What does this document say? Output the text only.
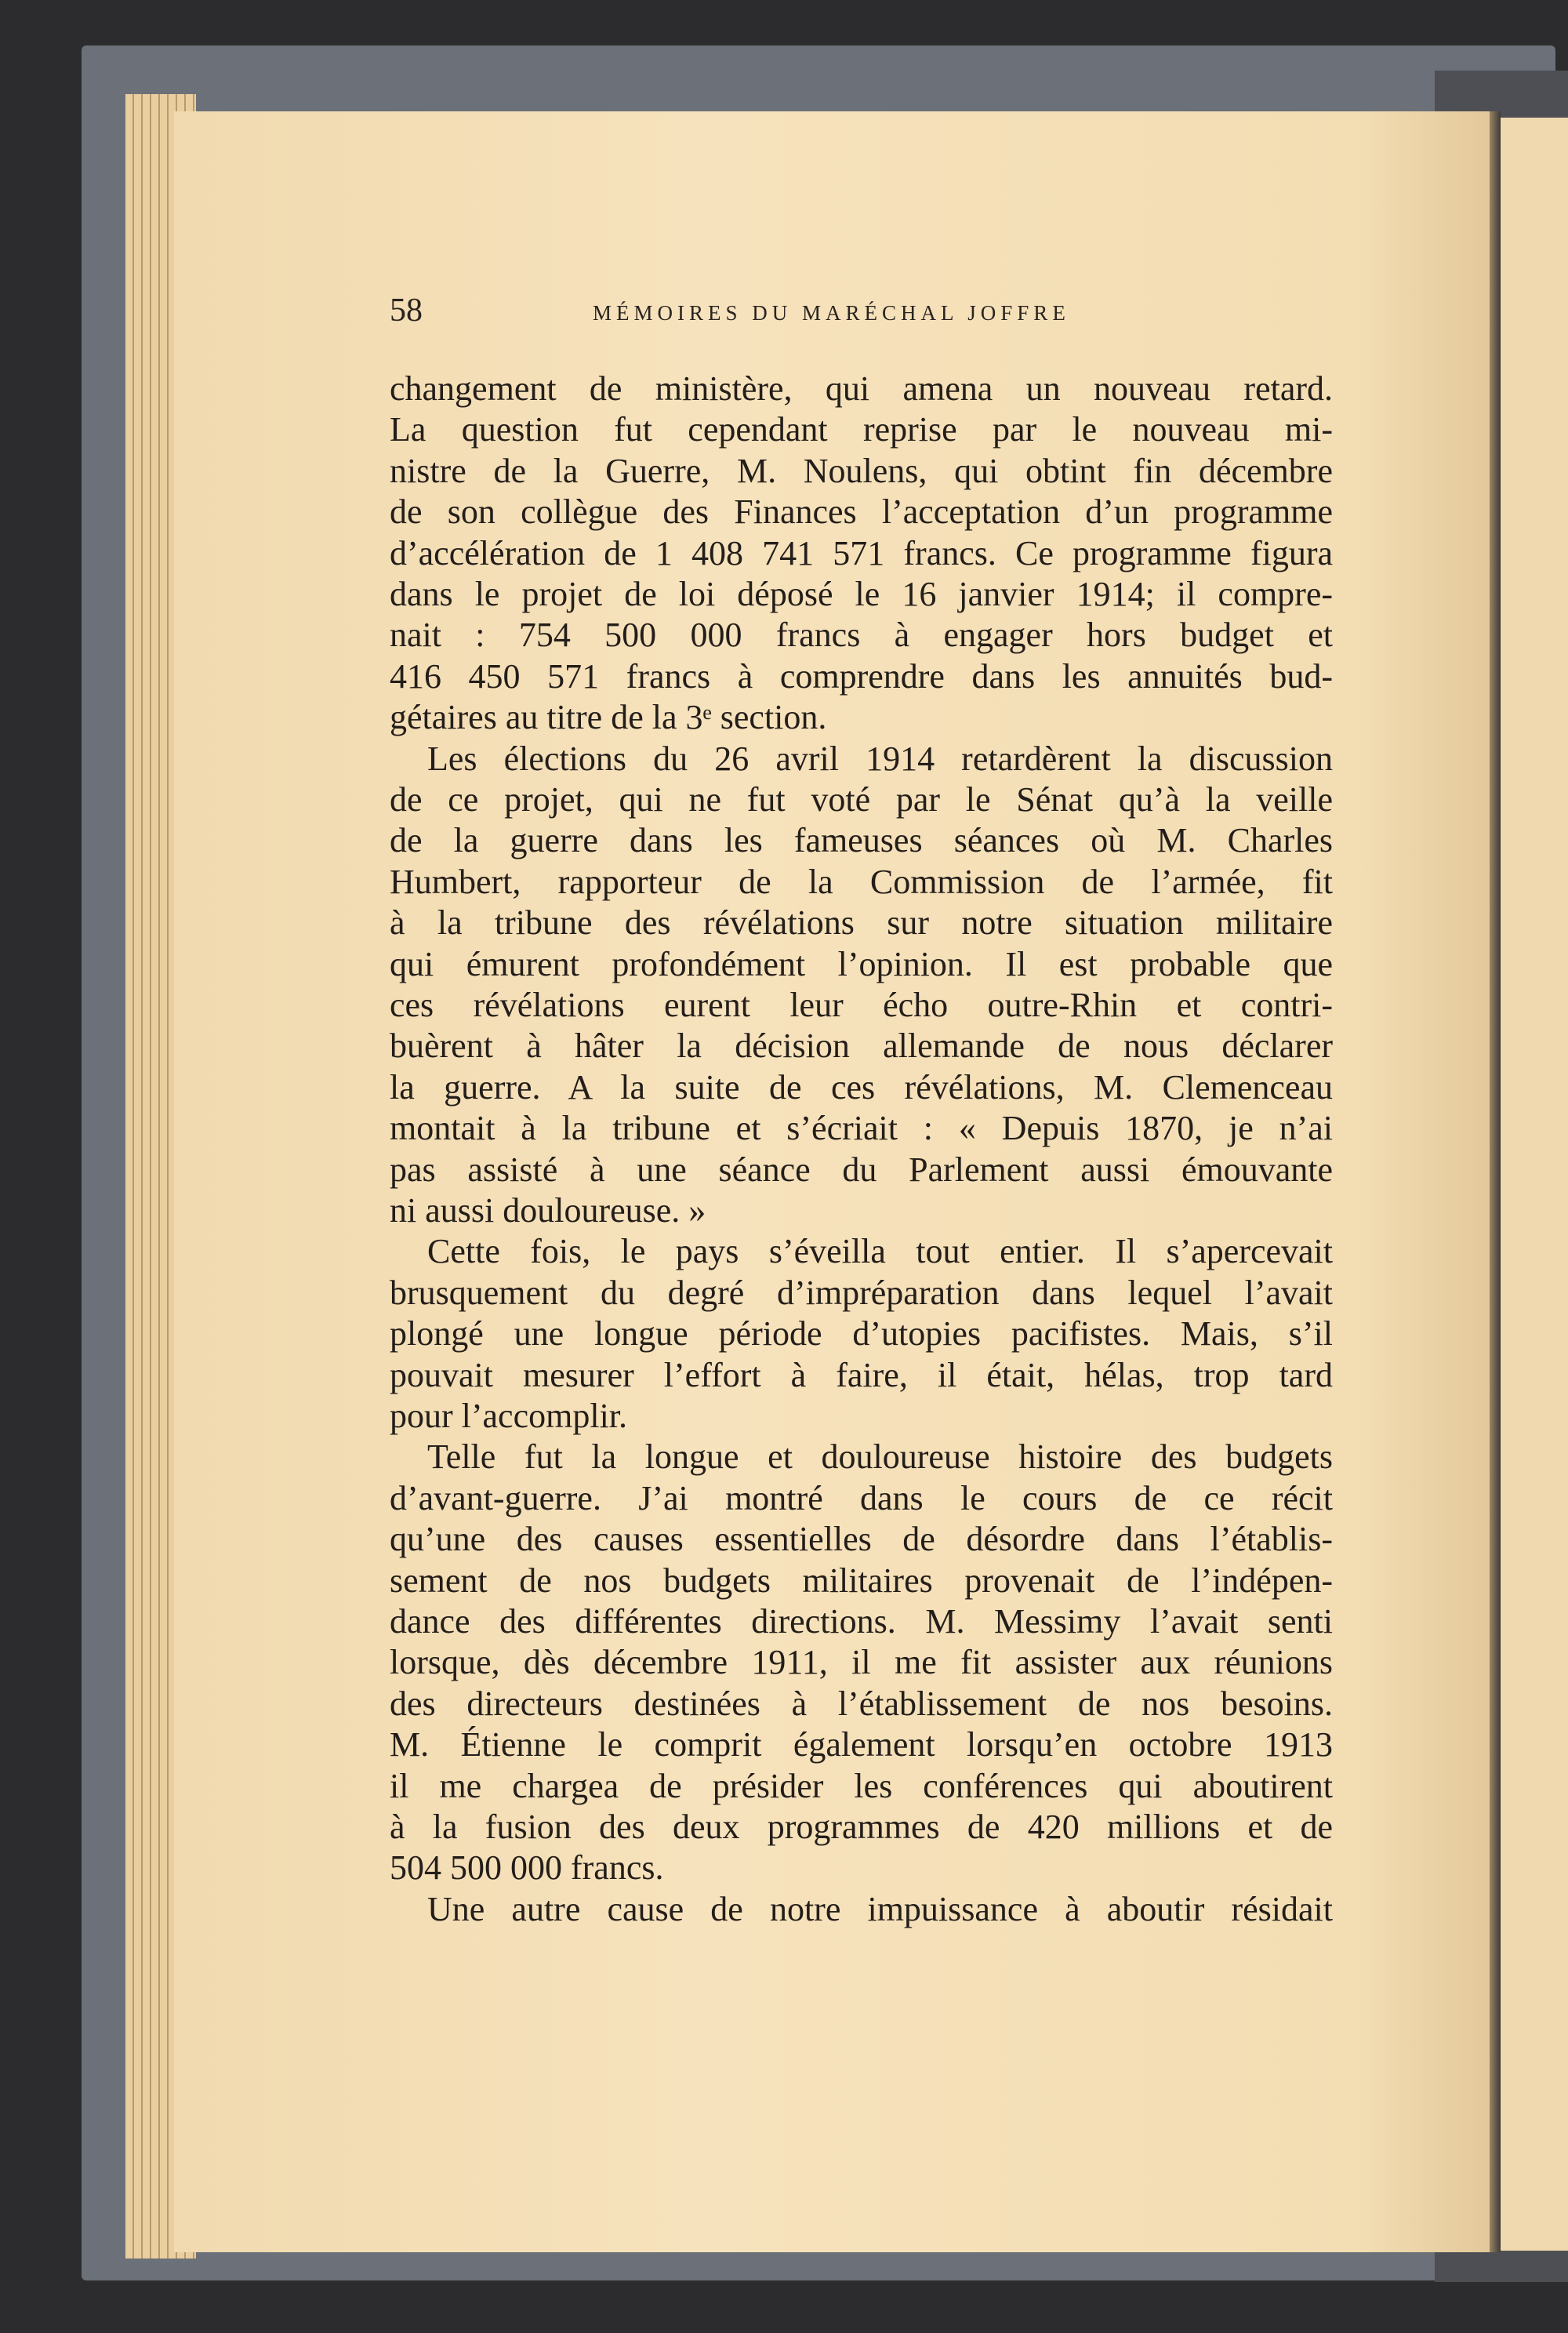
58	MÉMOIRES DU MARÉCHAL JOFFRE
changement de ministère, qui amena un nouveau retard.
La question fut cependant reprise par le nouveau mi-
nistre de la Guerre, M. Noulens, qui obtint fin décembre
de son collègue des Finances l’acceptation d’un programme
d’accélération de 1 408 741 571 francs. Ce programme figura
dans le projet de loi déposé le 16 janvier 1914; il compre-
nait : 754 500 000 francs à engager hors budget et
416 450 571 francs à comprendre dans les annuités bud-
gétaires au titre de la 3ᵉ section.
Les élections du 26 avril 1914 retardèrent la discussion
de ce projet, qui ne fut voté par le Sénat qu’à la veille
de la guerre dans les fameuses séances où M. Charles
Humbert, rapporteur de la Commission de l’armée, fit
à la tribune des révélations sur notre situation militaire
qui émurent profondément l’opinion. Il est probable que
ces révélations eurent leur écho outre-Rhin et contri-
buèrent à hâter la décision allemande de nous déclarer
la guerre. A la suite de ces révélations, M. Clemenceau
montait à la tribune et s’écriait : « Depuis 1870, je n’ai
pas assisté à une séance du Parlement aussi émouvante
ni aussi douloureuse. »
Cette fois, le pays s’éveilla tout entier. Il s’apercevait
brusquement du degré d’impréparation dans lequel l’avait
plongé une longue période d’utopies pacifistes. Mais, s’il
pouvait mesurer l’effort à faire, il était, hélas, trop tard
pour l’accomplir.
Telle fut la longue et douloureuse histoire des budgets
d’avant-guerre. J’ai montré dans le cours de ce récit
qu’une des causes essentielles de désordre dans l’établis-
sement de nos budgets militaires provenait de l’indépen-
dance des différentes directions. M. Messimy l’avait senti
lorsque, dès décembre 1911, il me fit assister aux réunions
des directeurs destinées à l’établissement de nos besoins.
M. Étienne le comprit également lorsqu’en octobre 1913
il me chargea de présider les conférences qui aboutirent
à la fusion des deux programmes de 420 millions et de
504 500 000 francs.
Une autre cause de notre impuissance à aboutir résidait
